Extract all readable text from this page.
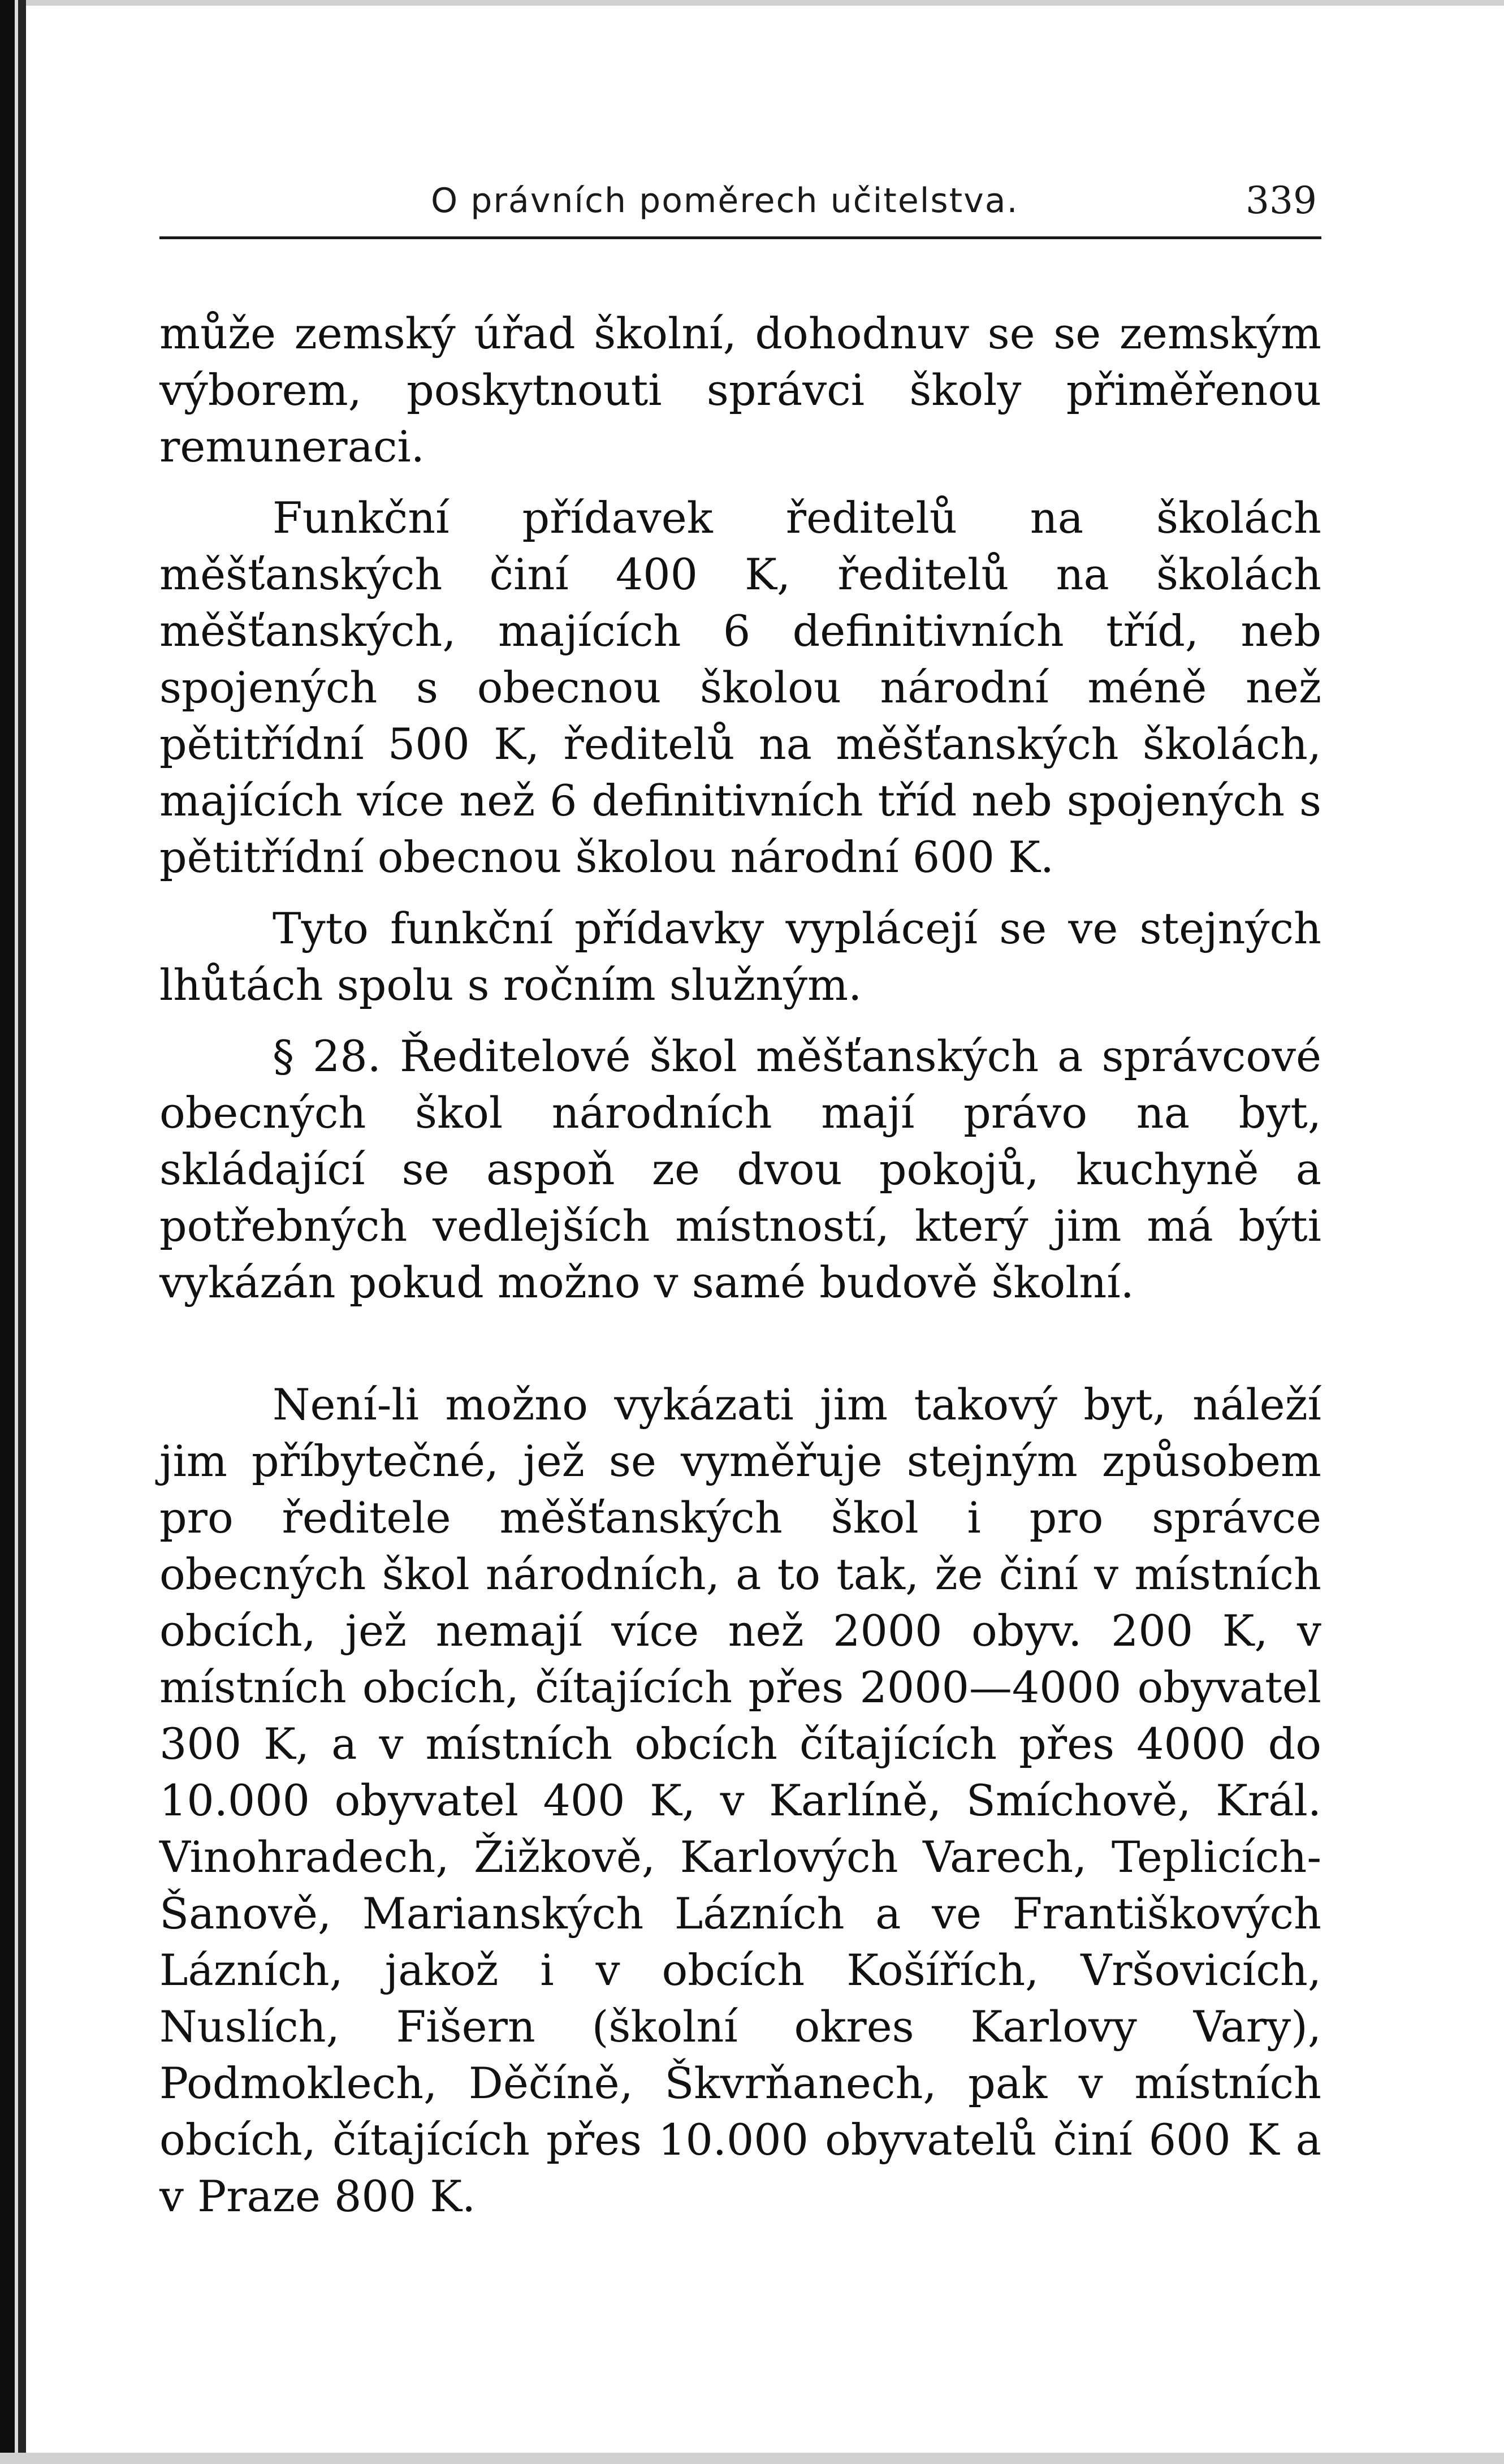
O právních poměrech učitelstva.	339

může zemský úřad školní, dohodnuv se se zemským výborem, poskytnouti správci školy přiměřenou remuneraci.

Funkční přídavek ředitelů na školách měšťanských činí 400 K, ředitelů na školách měšťanských, majících 6 definitivních tříd, neb spojených s obecnou školou národní méně než pětitřídní 500 K, ředitelů na měšťanských školách, majících více než 6 definitivních tříd neb spojených s pětitřídní obecnou školou národní 600 K.

Tyto funkční přídavky vyplácejí se ve stejných lhůtách spolu s ročním služným.

§ 28. Ředitelové škol měšťanských a správcové obecných škol národních mají právo na byt, skládající se aspoň ze dvou pokojů, kuchyně a potřebných vedlejších místností, který jim má býti vykázán pokud možno v samé budově školní.

Není-li možno vykázati jim takový byt, náleží jim příbytečné, jež se vyměřuje stejným způsobem pro ředitele měšťanských škol i pro správce obecných škol národních, a to tak, že činí v místních obcích, jež nemají více než 2000 obyv. 200 K, v místních obcích, čítajících přes 2000—4000 obyvatel 300 K, a v místních obcích čítajících přes 4000 do 10.000 obyvatel 400 K, v Karlíně, Smíchově, Král. Vinohradech, Žižkově, Karlových Varech, Teplicích-Šanově, Marianských Lázních a ve Františkových Lázních, jakož i v obcích Košířích, Vršovicích, Nuslích, Fišern (školní okres Karlovy Vary), Podmoklech, Děčíně, Škvrňanech, pak v místních obcích, čítajících přes 10.000 obyvatelů činí 600 K a v Praze 800 K.
